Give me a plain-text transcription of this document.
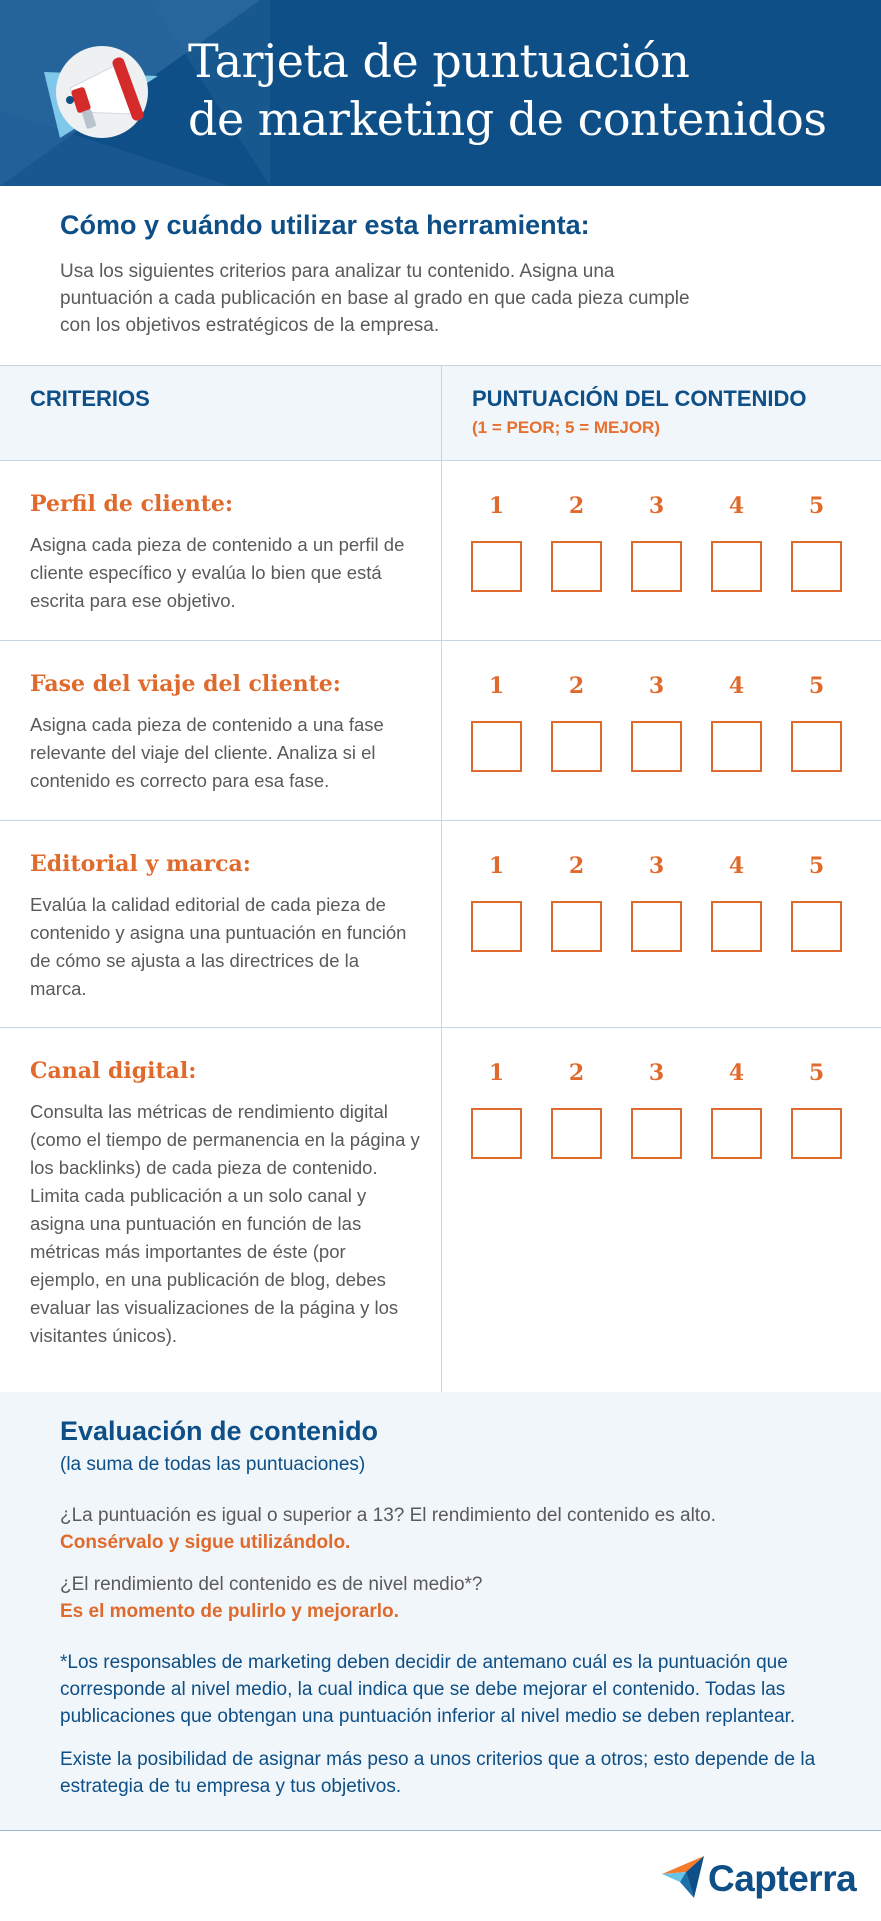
Tarjeta de puntuación
de marketing de contenidos
Cómo y cuándo utilizar esta herramienta:

Usa los siguientes criterios para analizar tu contenido. Asigna una puntuación a cada publicación en base al grado en que cada pieza cumple con los objetivos estratégicos de la empresa.

CRITERIOS	PUNTUACIÓN DEL CONTENIDO
(1 = PEOR; 5 = MEJOR)
Perfil de cliente:

Asigna cada pieza de contenido a un perfil de cliente específico y evalúa lo bien que está escrita para ese objetivo.

1	2	3	4	5
Fase del viaje del cliente:

Asigna cada pieza de contenido a una fase relevante del viaje del cliente. Analiza si el contenido es correcto para esa fase.

1	2	3	4	5
Editorial y marca:

Evalúa la calidad editorial de cada pieza de contenido y asigna una puntuación en función de cómo se ajusta a las directrices de la marca.

1	2	3	4	5
Canal digital:

Consulta las métricas de rendimiento digital (como el tiempo de permanencia en la página y los backlinks) de cada pieza de contenido. Limita cada publicación a un solo canal y asigna una puntuación en función de las métricas más importantes de éste (por ejemplo, en una publicación de blog, debes evaluar las visualizaciones de la página y los visitantes únicos).

1	2	3	4	5
Evaluación de contenido

(la suma de todas las puntuaciones)

¿La puntuación es igual o superior a 13? El rendimiento del contenido es alto.

Consérvalo y sigue utilizándolo.

¿El rendimiento del contenido es de nivel medio*?

Es el momento de pulirlo y mejorarlo.

*Los responsables de marketing deben decidir de antemano cuál es la puntuación que corresponde al nivel medio, la cual indica que se debe mejorar el contenido. Todas las publicaciones que obtengan una puntuación inferior al nivel medio se deben replantear.

Existe la posibilidad de asignar más peso a unos criterios que a otros; esto depende de la estrategia de tu empresa y tus objetivos.

Capterra
